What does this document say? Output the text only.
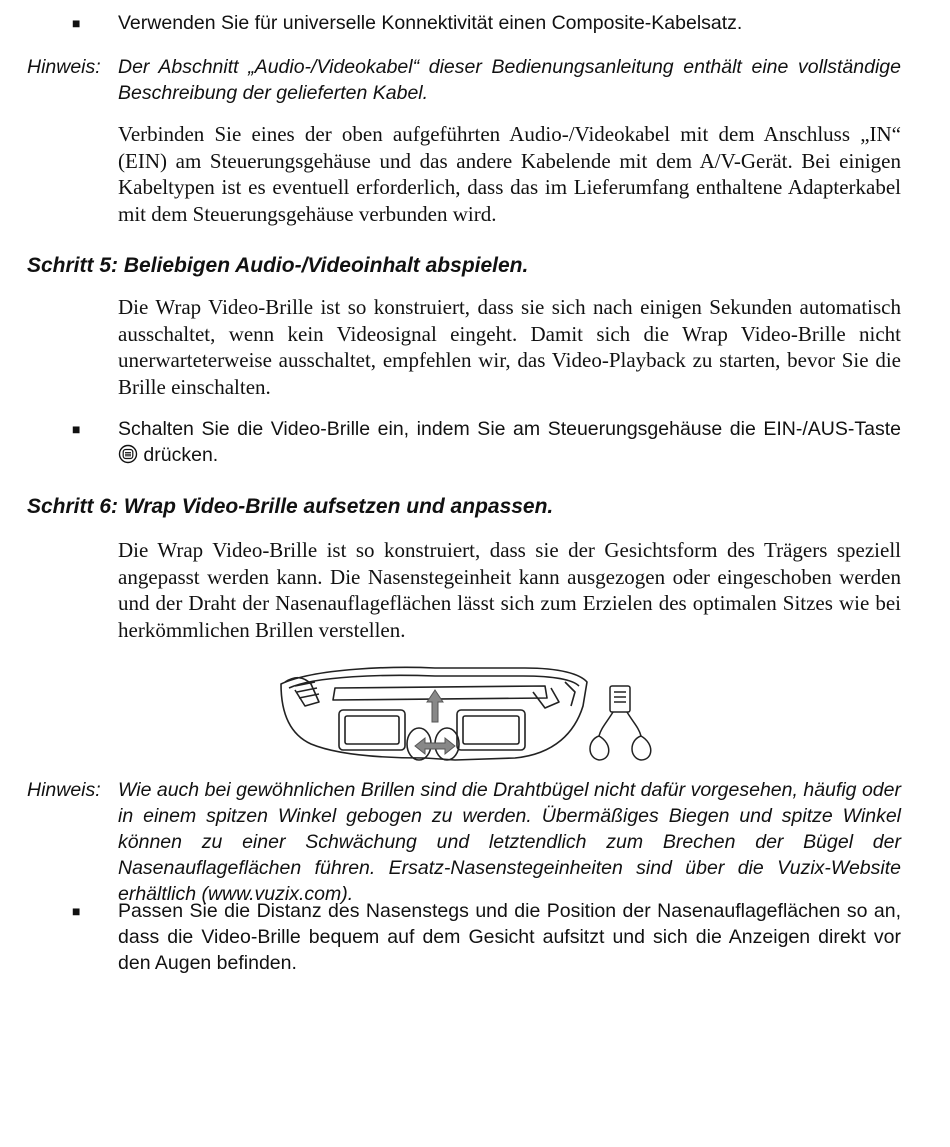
■ Verwenden Sie für universelle Konnektivität einen Composite-Kabelsatz.
Hinweis: Der Abschnitt „Audio-/Videokabel“ dieser Bedienungsanleitung enthält eine vollständige Beschreibung der gelieferten Kabel.
Verbinden Sie eines der oben aufgeführten Audio-/Videokabel mit dem Anschluss „IN“ (EIN) am Steuerungsgehäuse und das andere Kabelende mit dem A/V-Gerät. Bei einigen Kabeltypen ist es eventuell erforderlich, dass das im Lieferumfang enthaltene Adapterkabel mit dem Steuerungsgehäuse verbunden wird.
Schritt 5: Beliebigen Audio-/Videoinhalt abspielen.
Die Wrap Video-Brille ist so konstruiert, dass sie sich nach einigen Sekunden automatisch ausschaltet, wenn kein Videosignal eingeht. Damit sich die Wrap Video-Brille nicht unerwarteterweise ausschaltet, empfehlen wir, das Video-Playback zu starten, bevor Sie die Brille einschalten.
■ Schalten Sie die Video-Brille ein, indem Sie am Steuerungsgehäuse die EIN-/AUS-Taste  drücken.
Schritt 6: Wrap Video-Brille aufsetzen und anpassen.
Die Wrap Video-Brille ist so konstruiert, dass sie der Gesichtsform des Trägers speziell angepasst werden kann. Die Nasenstegeinheit kann ausgezogen oder eingeschoben werden und der Draht der Nasenauflageflächen lässt sich zum Erzielen des optimalen Sitzes wie bei herkömmlichen Brillen verstellen.
Hinweis: Wie auch bei gewöhnlichen Brillen sind die Drahtbügel nicht dafür vorgesehen, häufig oder in einem spitzen Winkel gebogen zu werden. Übermäßiges Biegen und spitze Winkel können zu einer Schwächung und letztendlich zum Brechen der Bügel der Nasenauflageflächen führen. Ersatz-Nasenstegeinheiten sind über die Vuzix-Website erhältlich (www.vuzix.com).
■ Passen Sie die Distanz des Nasenstegs und die Position der Nasenauflageflächen so an, dass die Video-Brille bequem auf dem Gesicht aufsitzt und sich die Anzeigen direkt vor den Augen befinden.
